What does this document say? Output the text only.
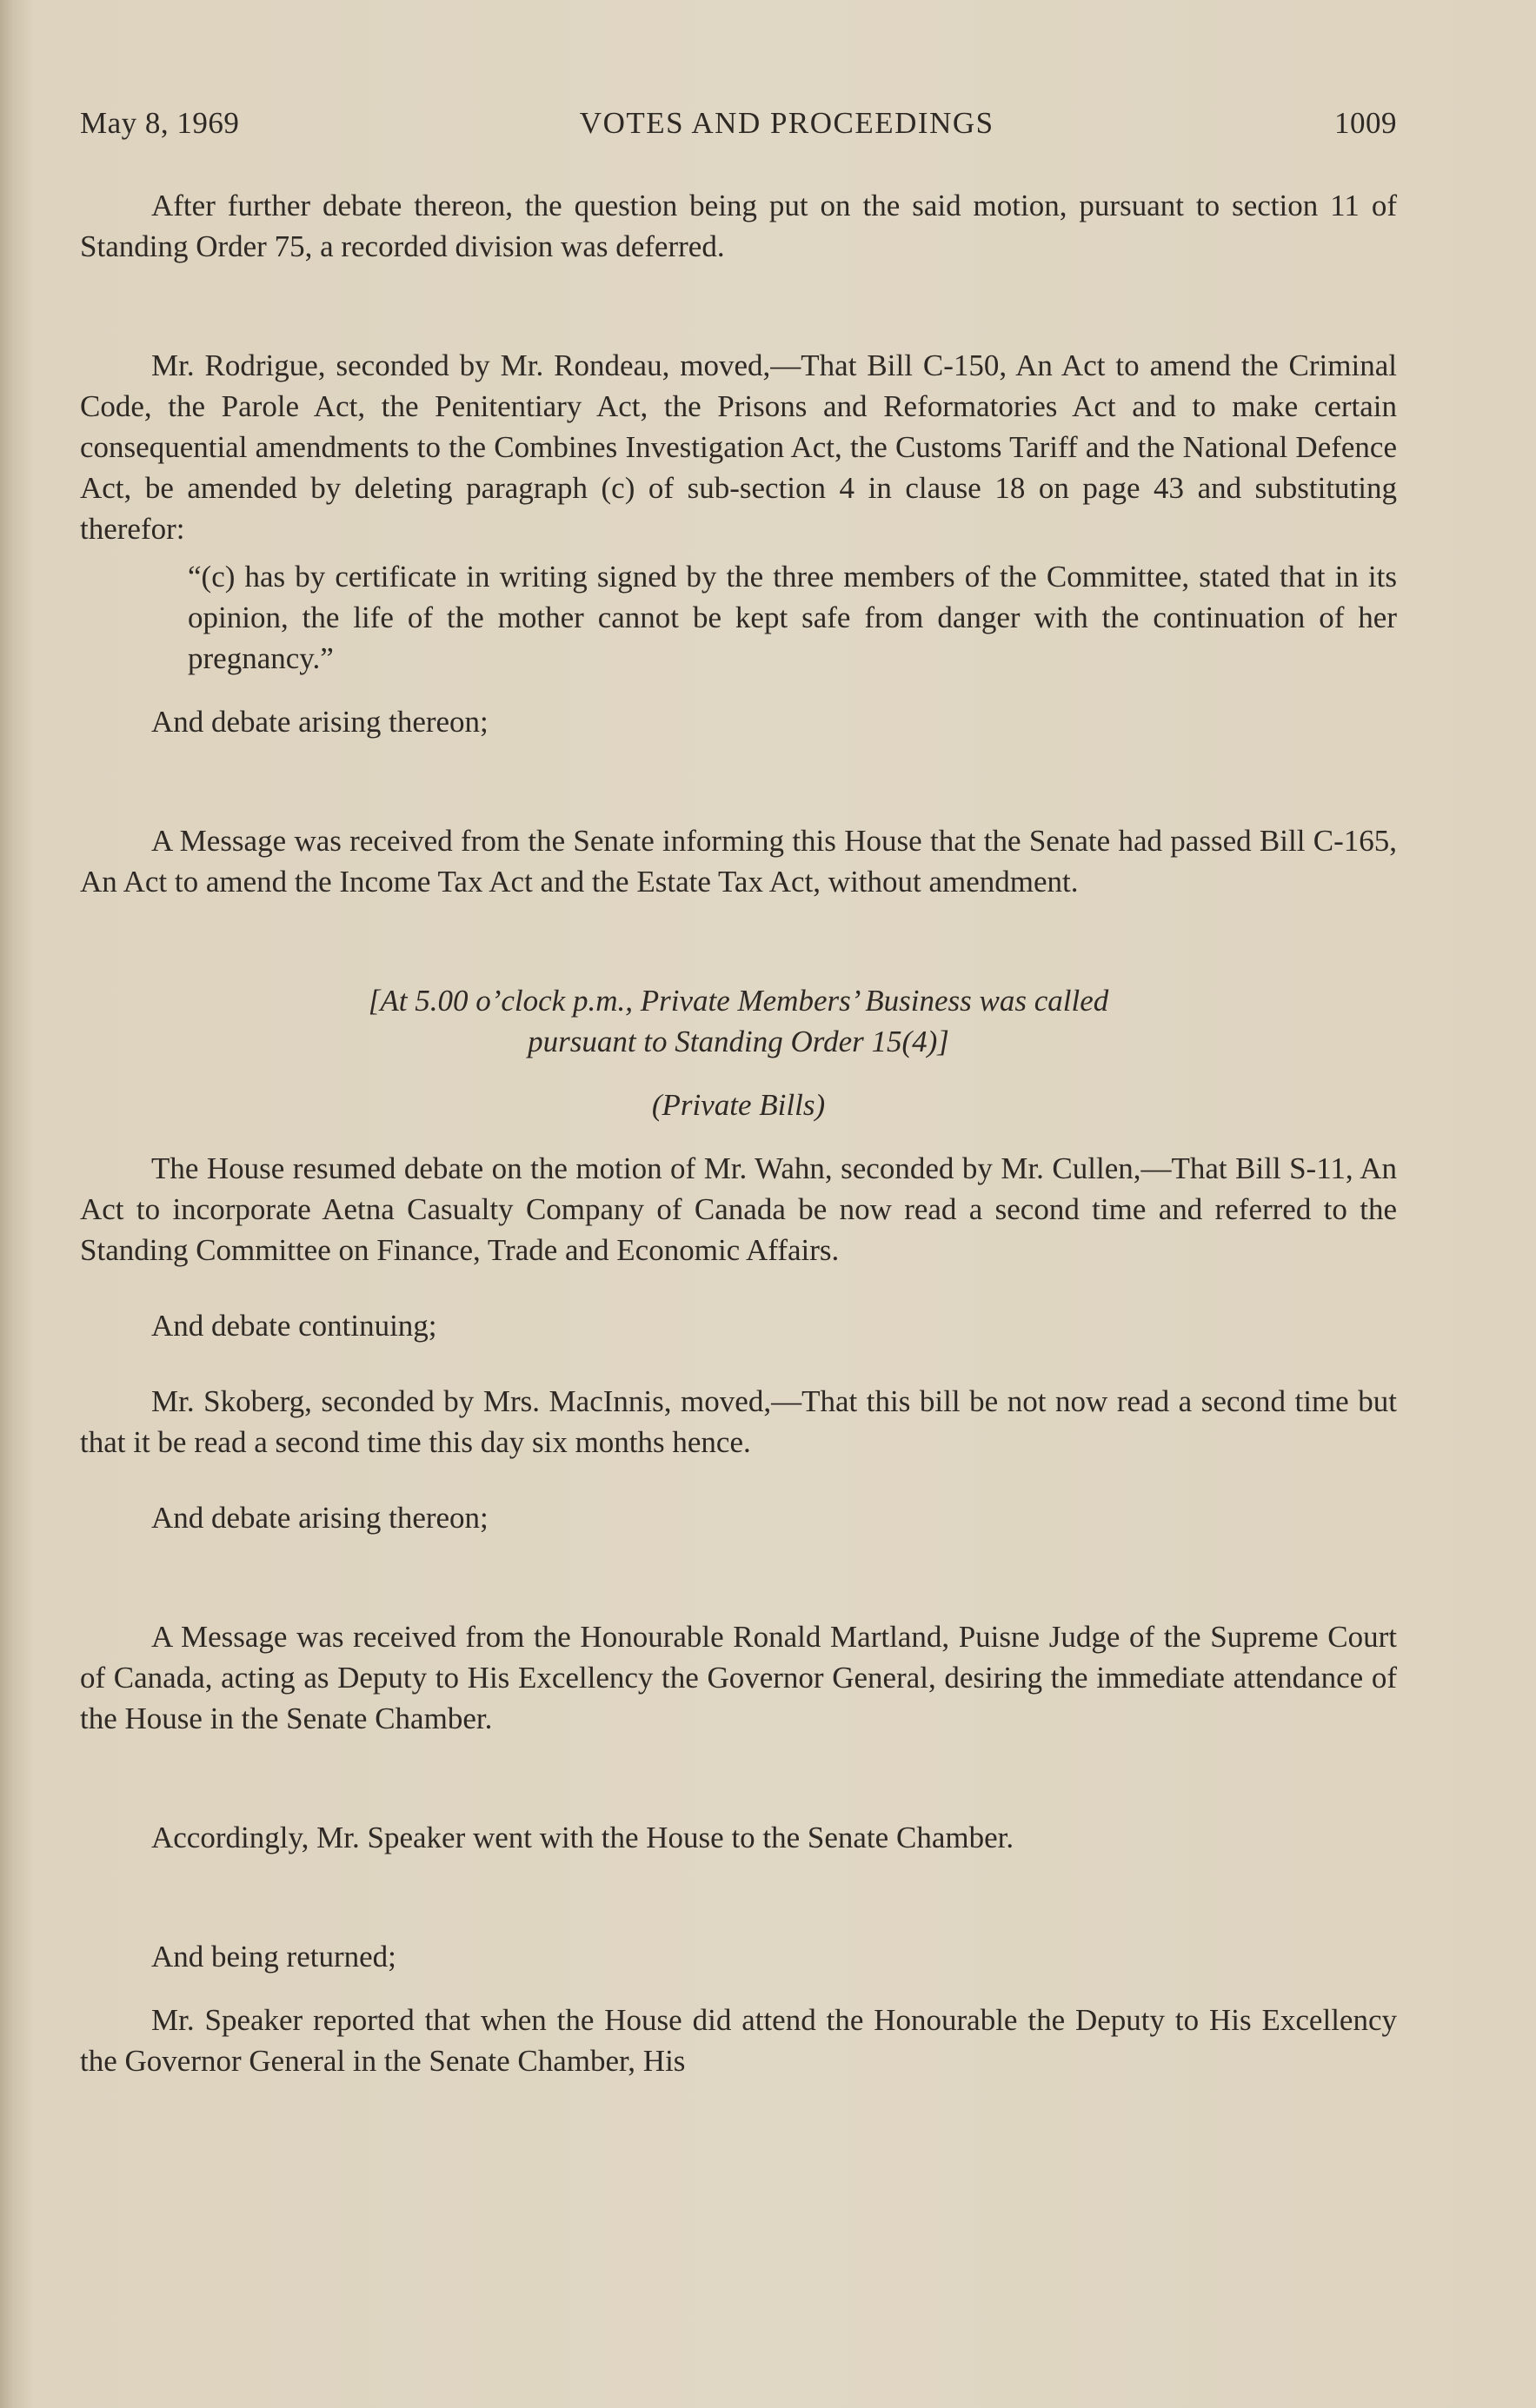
May 8, 1969	VOTES AND PROCEEDINGS	1009

After further debate thereon, the question being put on the said motion, pursuant to section 11 of Standing Order 75, a recorded division was deferred.

Mr. Rodrigue, seconded by Mr. Rondeau, moved,—That Bill C-150, An Act to amend the Criminal Code, the Parole Act, the Penitentiary Act, the Prisons and Reformatories Act and to make certain consequential amendments to the Combines Investigation Act, the Customs Tariff and the National Defence Act, be amended by deleting paragraph (c) of sub-section 4 in clause 18 on page 43 and substituting therefor:

“(c) has by certificate in writing signed by the three members of the Committee, stated that in its opinion, the life of the mother cannot be kept safe from danger with the continuation of her pregnancy.”

And debate arising thereon;

A Message was received from the Senate informing this House that the Senate had passed Bill C-165, An Act to amend the Income Tax Act and the Estate Tax Act, without amendment.

[At 5.00 o’clock p.m., Private Members’ Business was called

pursuant to Standing Order 15(4)]

(Private Bills)

The House resumed debate on the motion of Mr. Wahn, seconded by Mr. Cullen,—That Bill S-11, An Act to incorporate Aetna Casualty Company of Canada be now read a second time and referred to the Standing Committee on Finance, Trade and Economic Affairs.

And debate continuing;

Mr. Skoberg, seconded by Mrs. MacInnis, moved,—That this bill be not now read a second time but that it be read a second time this day six months hence.

And debate arising thereon;

A Message was received from the Honourable Ronald Martland, Puisne Judge of the Supreme Court of Canada, acting as Deputy to His Excellency the Governor General, desiring the immediate attendance of the House in the Senate Chamber.

Accordingly, Mr. Speaker went with the House to the Senate Chamber.

And being returned;

Mr. Speaker reported that when the House did attend the Honourable the Deputy to His Excellency the Governor General in the Senate Chamber, His
